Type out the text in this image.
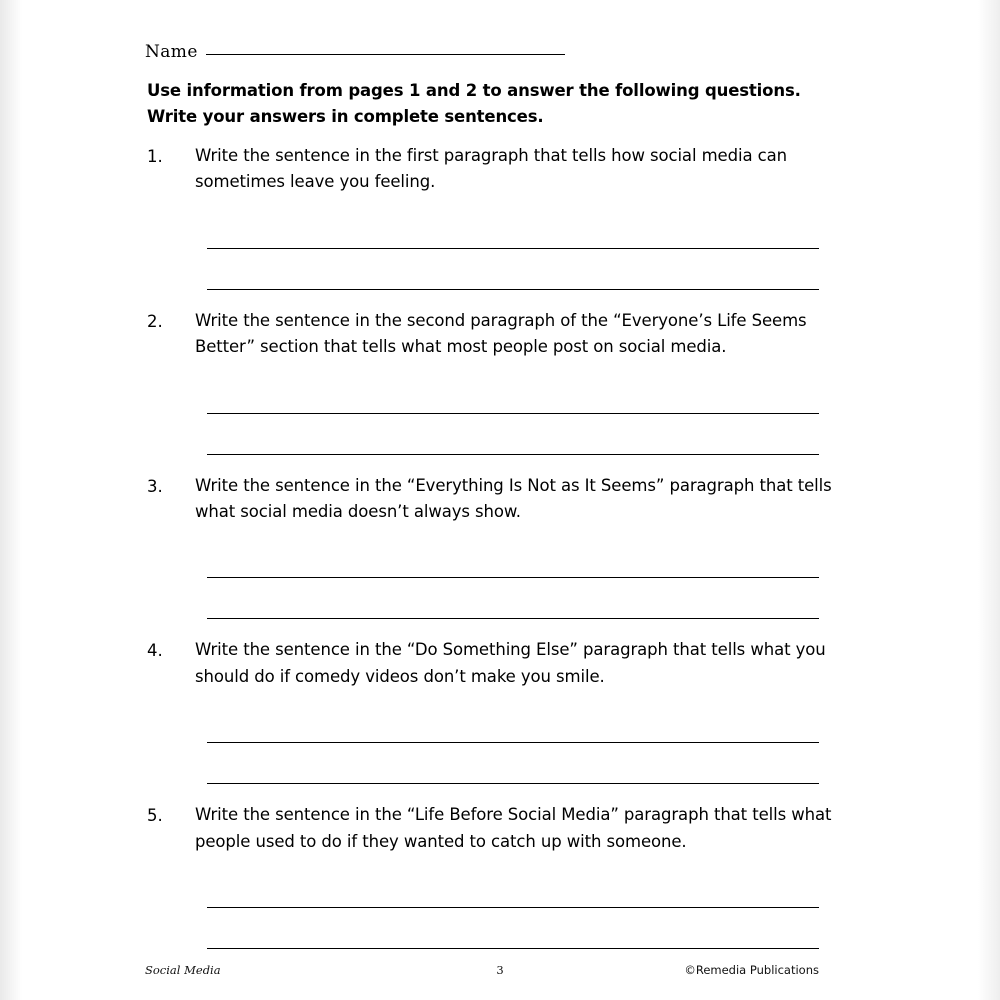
Name
Use information from pages 1 and 2 to answer the following questions. Write your answers in complete sentences.
1.	Write the sentence in the first paragraph that tells how social media can sometimes leave you feeling.
2.	Write the sentence in the second paragraph of the “Everyone’s Life Seems Better” section that tells what most people post on social media.
3.	Write the sentence in the “Everything Is Not as It Seems” paragraph that tells what social media doesn’t always show.
4.	Write the sentence in the “Do Something Else” paragraph that tells what you should do if comedy videos don’t make you smile.
5.	Write the sentence in the “Life Before Social Media” paragraph that tells what people used to do if they wanted to catch up with someone.
Social Media	3	©Remedia Publications
